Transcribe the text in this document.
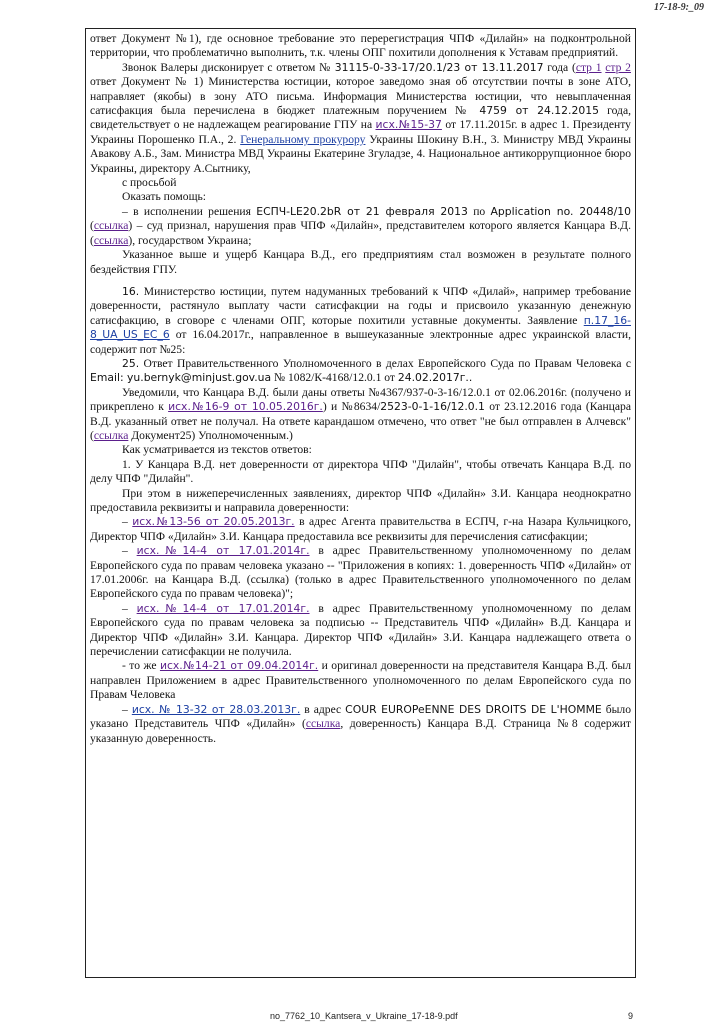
17-18-9:_09

ответ Документ №1), где основное требование это перерегистрация ЧПФ «Дилайн» на подконтрольной территории, что проблематично выполнить, т.к. члены ОПГ похитили дополнения к Уставам предприятий.

Звонок Валеры дисконирует с ответом № 31115-0-33-17/20.1/23 от 13.11.2017 года (стр 1 стр 2 ответ Документ № 1) Министерства юстиции, которое заведомо зная об отсутствии почты в зоне АТО, направляет (якобы) в зону АТО письма. Информация Министерства юстиции, что невыплаченная сатисфакция была перечислена в бюджет платежным поручением № 4759 от 24.12.2015 года, свидетельствует о не надлежащем реагирование ГПУ на исх.№15-37 от 17.11.2015г. в адрес 1. Президенту Украины Порошенко П.А., 2. Генеральному прокурору Украины Шокину В.Н., 3. Министру МВД Украины Авакову А.Б., Зам. Министра МВД Украины Екатерине Згуладзе, 4. Национальное антикоррупционное бюро Украины, директору А.Сытнику,

с просьбой

Оказать помощь:

– в исполнении решения ЕСПЧ-LE20.2bR от 21 февраля 2013 по Application no. 20448/10 (ссылка) – суд признал, нарушения прав ЧПФ «Дилайн», представителем которого является Канцара В.Д. (ссылка), государством Украина;

Указанное выше и ущерб Канцара В.Д., его предприятиям стал возможен в результате полного бездействия ГПУ.

16. Министерство юстиции, путем надуманных требований к ЧПФ «Дилай», например требование доверенности, растянуло выплату части сатисфакции на годы и присвоило указанную денежную сатисфакцию, в сговоре с членами ОПГ, которые похитили уставные документы. Заявление п.17_16-8_UA_US_EC_6 от 16.04.2017г., направленное в вышеуказанные электронные адрес украинской власти, содержит пот №25:

25. Ответ Правительственного Уполномоченного в делах Европейского Суда по Правам Человека с Email: yu.bernyk@minjust.gov.ua № 1082/К-4168/12.0.1 от 24.02.2017г..

Уведомили, что Канцара В.Д. были даны ответы №4367/937-0-3-16/12.0.1 от 02.06.2016г. (получено и прикреплено к исх.№16-9 от 10.05.2016г.) и №8634/2523-0-1-16/12.0.1 от 23.12.2016 года (Канцара В.Д. указанный ответ не получал. На ответе карандашом отмечено, что ответ "не был отправлен в Алчевск" (ссылка Документ25) Уполномоченным.)

Как усматривается из текстов ответов:

1. У Канцара В.Д. нет доверенности от директора ЧПФ "Дилайн", чтобы отвечать Канцара В.Д. по делу ЧПФ "Дилайн".

При этом в нижеперечисленных заявлениях, директор ЧПФ «Дилайн» З.И. Канцара неоднократно предоставила реквизиты и направила доверенности:

– исх.№13-56 от 20.05.2013г. в адрес Агента правительства в ЕСПЧ, г-на Назара Кульчицкого, Директор ЧПФ «Дилайн» З.И. Канцара предоставила все реквизиты для перечисления сатисфакции;

– исх.№14-4 от 17.01.2014г. в адрес Правительственному уполномоченному по делам Европейского суда по правам человека указано -- "Приложения в копиях: 1. доверенность ЧПФ «Дилайн» от 17.01.2006г. на Канцара В.Д. (ссылка) (только в адрес Правительственного уполномоченного по делам Европейского суда по правам человека)";

– исх.№14-4 от 17.01.2014г. в адрес Правительственному уполномоченному по делам Европейского суда по правам человека за подписью -- Представитель ЧПФ «Дилайн» В.Д. Канцара и Директор ЧПФ «Дилайн» З.И. Канцара. Директор ЧПФ «Дилайн» З.И. Канцара надлежащего ответа о перечислении сатисфакции не получила.

- то же исх.№14-21 от 09.04.2014г. и оригинал доверенности на представителя Канцара В.Д. был направлен Приложением в адрес Правительственного уполномоченного по делам Европейского суда по Правам Человека

– исх. № 13-32 от 28.03.2013г. в адрес COUR EUROPeENNE DES DROITS DE L'HOMME было указано Представитель ЧПФ «Дилайн» (ссылка, доверенность) Канцара В.Д. Страница №8 содержит указанную доверенность.

no_7762_10_Kantsera_v_Ukraine_17-18-9.pdf	9
